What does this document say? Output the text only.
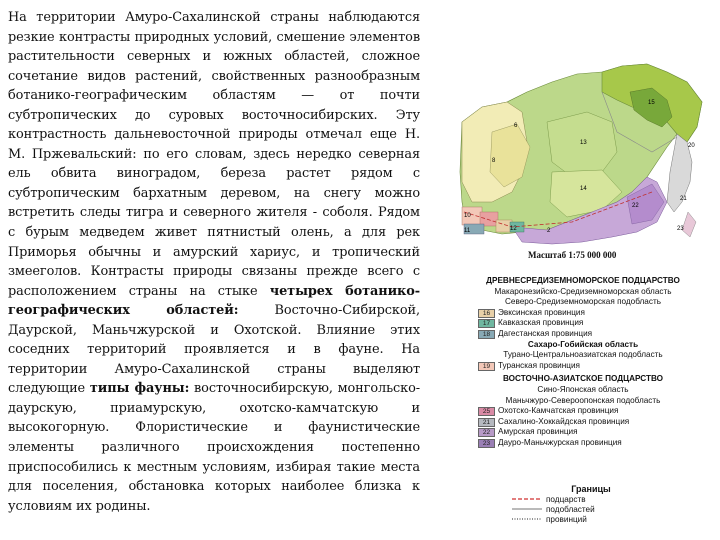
На территории Амуро-Сахалинской страны наблюдаются резкие контрасты природных условий, смешение элементов растительности северных и южных областей, сложное сочетание видов растений, свойственных разнообразным ботанико-географическим областям — от почти субтропических до суровых восточносибирских. Эту контрастность дальневосточной природы отмечал еще Н. М. Пржевальский: по его словам, здесь нередко северная ель обвита виноградом, береза растет рядом с субтропическим бархатным деревом, на снегу можно встретить следы тигра и северного жителя - соболя. Рядом с бурым медведем живет пятнистый олень, а для рек Приморья обычны и амурский хариус, и тропический змееголов. Контрасты природы связаны прежде всего с расположением страны на стыке четырех ботанико-географических областей: Восточно-Сибирской, Даурской, Маньчжурской и Охотской. Влияние этих соседних территорий проявляется и в фауне. На территории Амуро-Сахалинской страны выделяют следующие типы фауны: восточносибирскую, монгольско-даурскую, приамурскую, охотско-камчатскую и высокогорную. Флористические и фаунистические элементы различного происхождения постепенно приспособились к местным условиям, избирая такие места для поселения, обстановка которых наиболее близка к условиям их родины.
15
13	20
6
8
14
21
22
2	23
10
11	12
Масштаб 1:75 000 000
ДРЕВНЕСРЕДИЗЕМНОМОРСКОЕ ПОДЦАРСТВО
Макаронезийско-Средиземноморская область
Северо-Средиземноморская подобласть
16 Эвксинская провинция
17 Кавказская провинция
18 Дагестанская провинция
Сахаро-Гобийская область
Турано-Центральноазиатская подобласть
19 Туранская провинция
ВОСТОЧНО-АЗИАТСКОЕ ПОДЦАРСТВО
Сино-Японская область
Маньчжуро-Североопонская подобласть
25 Охотско-Камчатская провинция
21 Сахалино-Хоккайдская провинция
22 Амурская провинция
23 Дауро-Маньчжурская провинция
Границы
подцарств
подобластей
провинций
